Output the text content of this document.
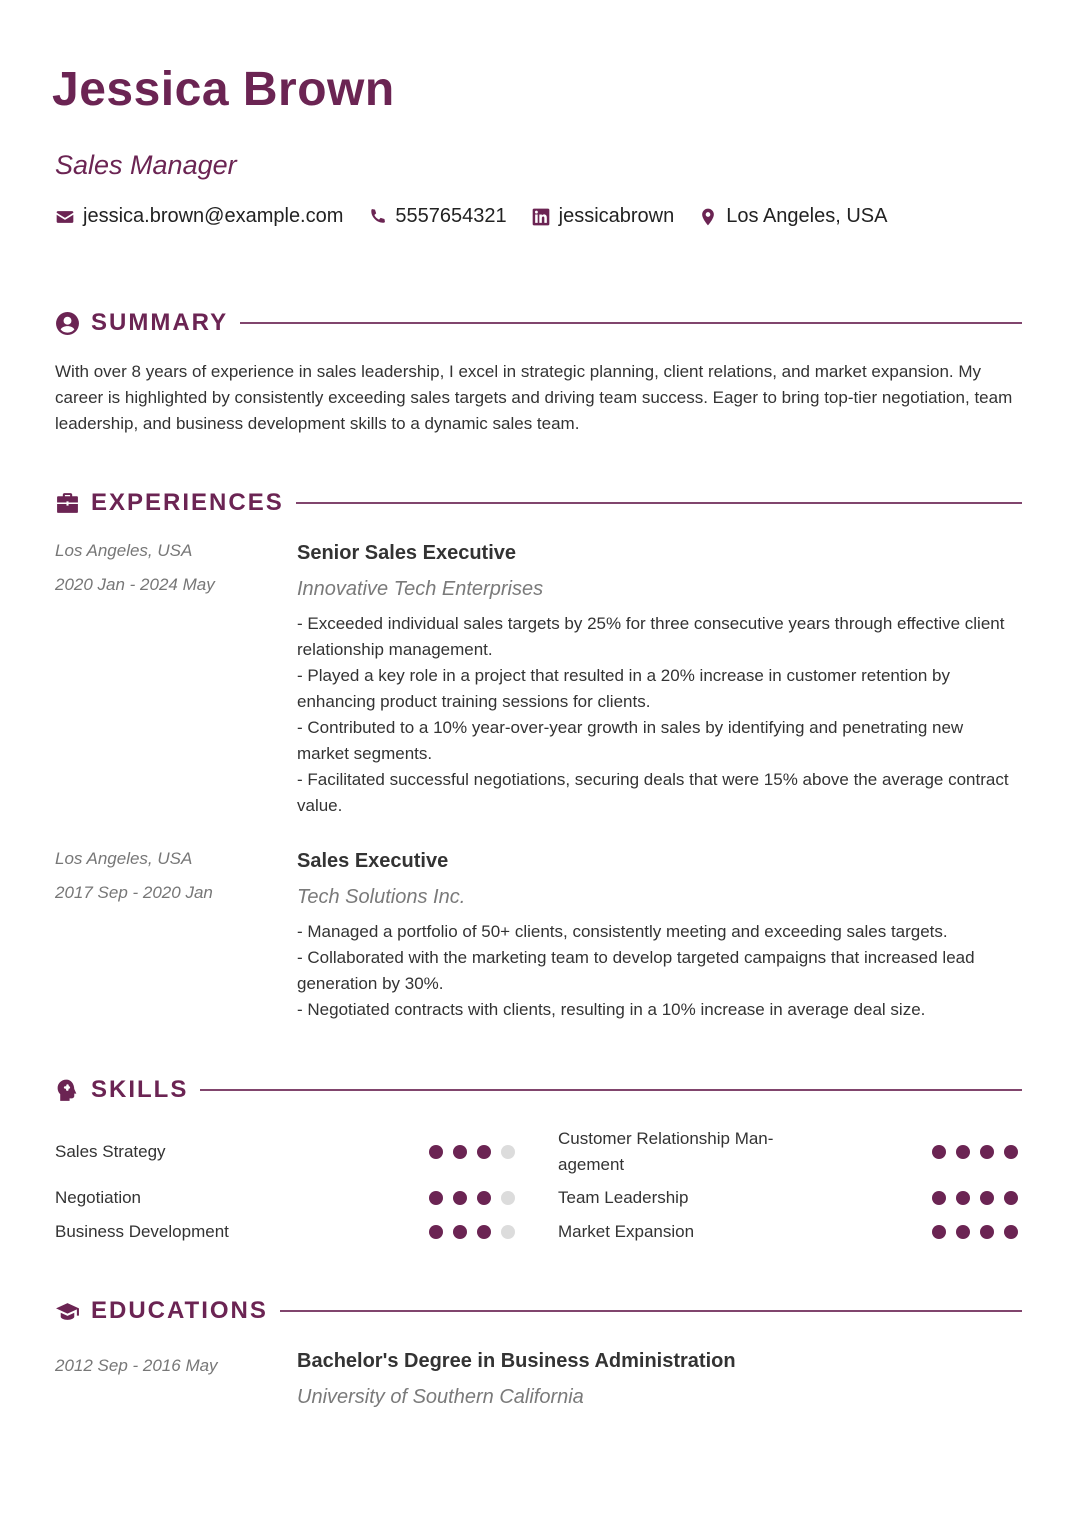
Jessica Brown
Sales Manager
jessica.brown@example.com	5557654321	jessicabrown	Los Angeles, USA
SUMMARY
With over 8 years of experience in sales leadership, I excel in strategic planning, client relations, and market expansion. My career is highlighted by consistently exceeding sales targets and driving team success. Eager to bring top-tier negotiation, team leadership, and business development skills to a dynamic sales team.
EXPERIENCES
Los Angeles, USA
2020 Jan - 2024 May
Senior Sales Executive
Innovative Tech Enterprises
- Exceeded individual sales targets by 25% for three consecutive years through effective client relationship management.
- Played a key role in a project that resulted in a 20% increase in customer retention by enhancing product training sessions for clients.
- Contributed to a 10% year-over-year growth in sales by identifying and penetrating new market segments.
- Facilitated successful negotiations, securing deals that were 15% above the average contract value.
Los Angeles, USA
2017 Sep - 2020 Jan
Sales Executive
Tech Solutions Inc.
- Managed a portfolio of 50+ clients, consistently meeting and exceeding sales targets.
- Collaborated with the marketing team to develop targeted campaigns that increased lead generation by 30%.
- Negotiated contracts with clients, resulting in a 10% increase in average deal size.
SKILLS
Sales Strategy
Negotiation
Business Development
Customer Relationship Man-agement
Team Leadership
Market Expansion
EDUCATIONS
2012 Sep - 2016 May	Bachelor's Degree in Business Administration
University of Southern California
